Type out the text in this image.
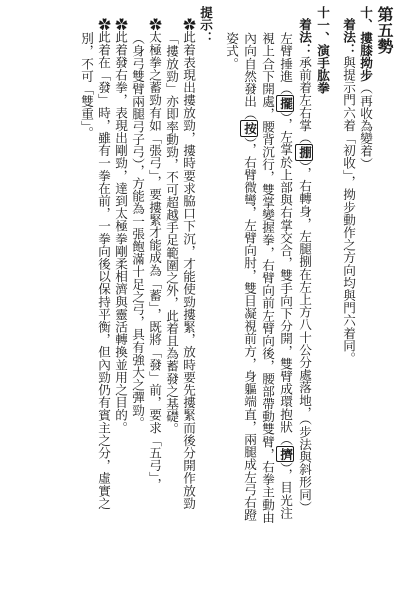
第五勢
十、摟膝拗步（再收為變着）
着法：與提示門六着「初收」，拗步動作之方向均與門六着同。
十一、演手肱拳
着法：承前着左右掌（掤），右轉身，左腿捌在左上方八十公分處落地，（步法與斜形同）
左臂捶進（擺），左掌於上部與右掌交合，雙手向下分開，雙臂成環抱狀（擠），目光注
視上合下開處，腰背沉行，雙掌變握拳，右臂向前左臂向後，腰部帶動雙臂，右拳主動由
內向自然發出（按），右臂微彎，左臂向肘，雙目凝視前方，身軀端直，兩腿成左弓右蹬
姿式。
提示：
✿此着表現出摟放勁，摟時要求脇口下沉，才能使勁摟緊，放時要先摟緊而後分開作放勁
「摟放勁」亦即率動勁，不可超越手足範圍之外，此着且為蓄發之基礎。
✿太極拳之蓄勁有如「張弓」，要摟緊才能成為「蓄」，既將「發」前，要求「五弓」，
（身弓雙臂兩腿弓子弓），方能為一張飽滿十足之弓，具有強大之彈勁。
✿此着發右拳，表現出剛勁，達到太極拳剛柔相濟與靈活轉換並用之目的。
✿此着在「發」時，雖有一拳在前，一拳向後以保持平衡，但內勁仍有賓主之分，虛實之
別，不可「雙重」。
